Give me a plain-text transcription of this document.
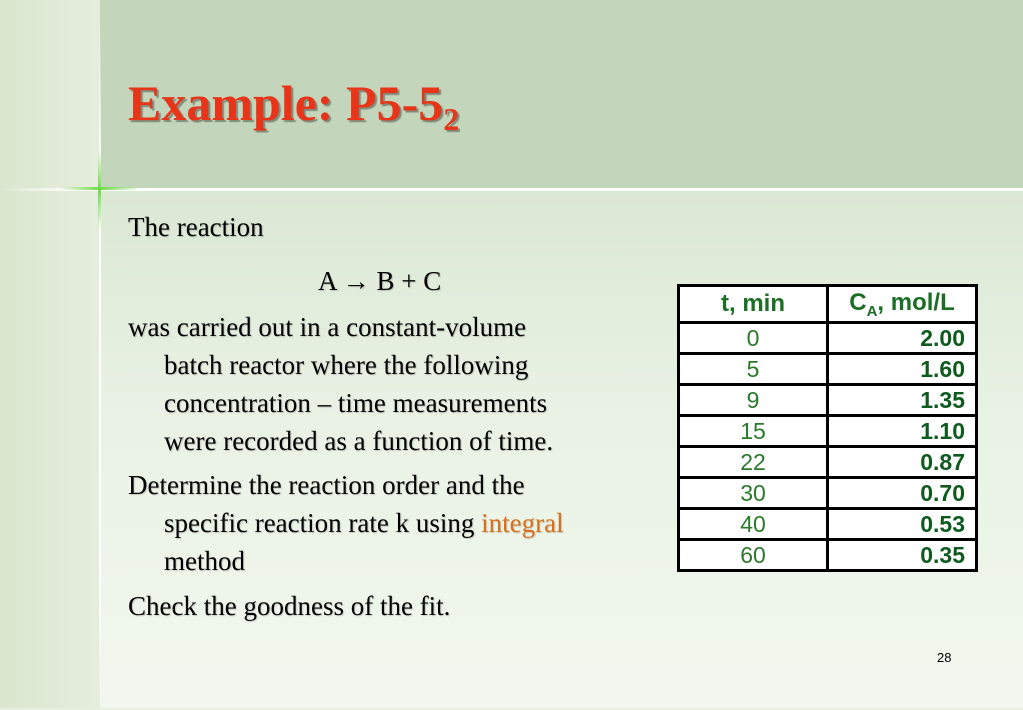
Example: $P5-5_2$
The reaction
A → B + C
was carried out in a constant-volume
batch reactor where the following
concentration – time measurements
were recorded as a function of time.
Determine the reaction order and the
specific reaction rate k using integral
method
Check the goodness of the fit.
t, min	$C_A$, mol/L
0	2.00
5	1.60
9	1.35
15	1.10
22	0.87
30	0.70
40	0.53
60	0.35
28
